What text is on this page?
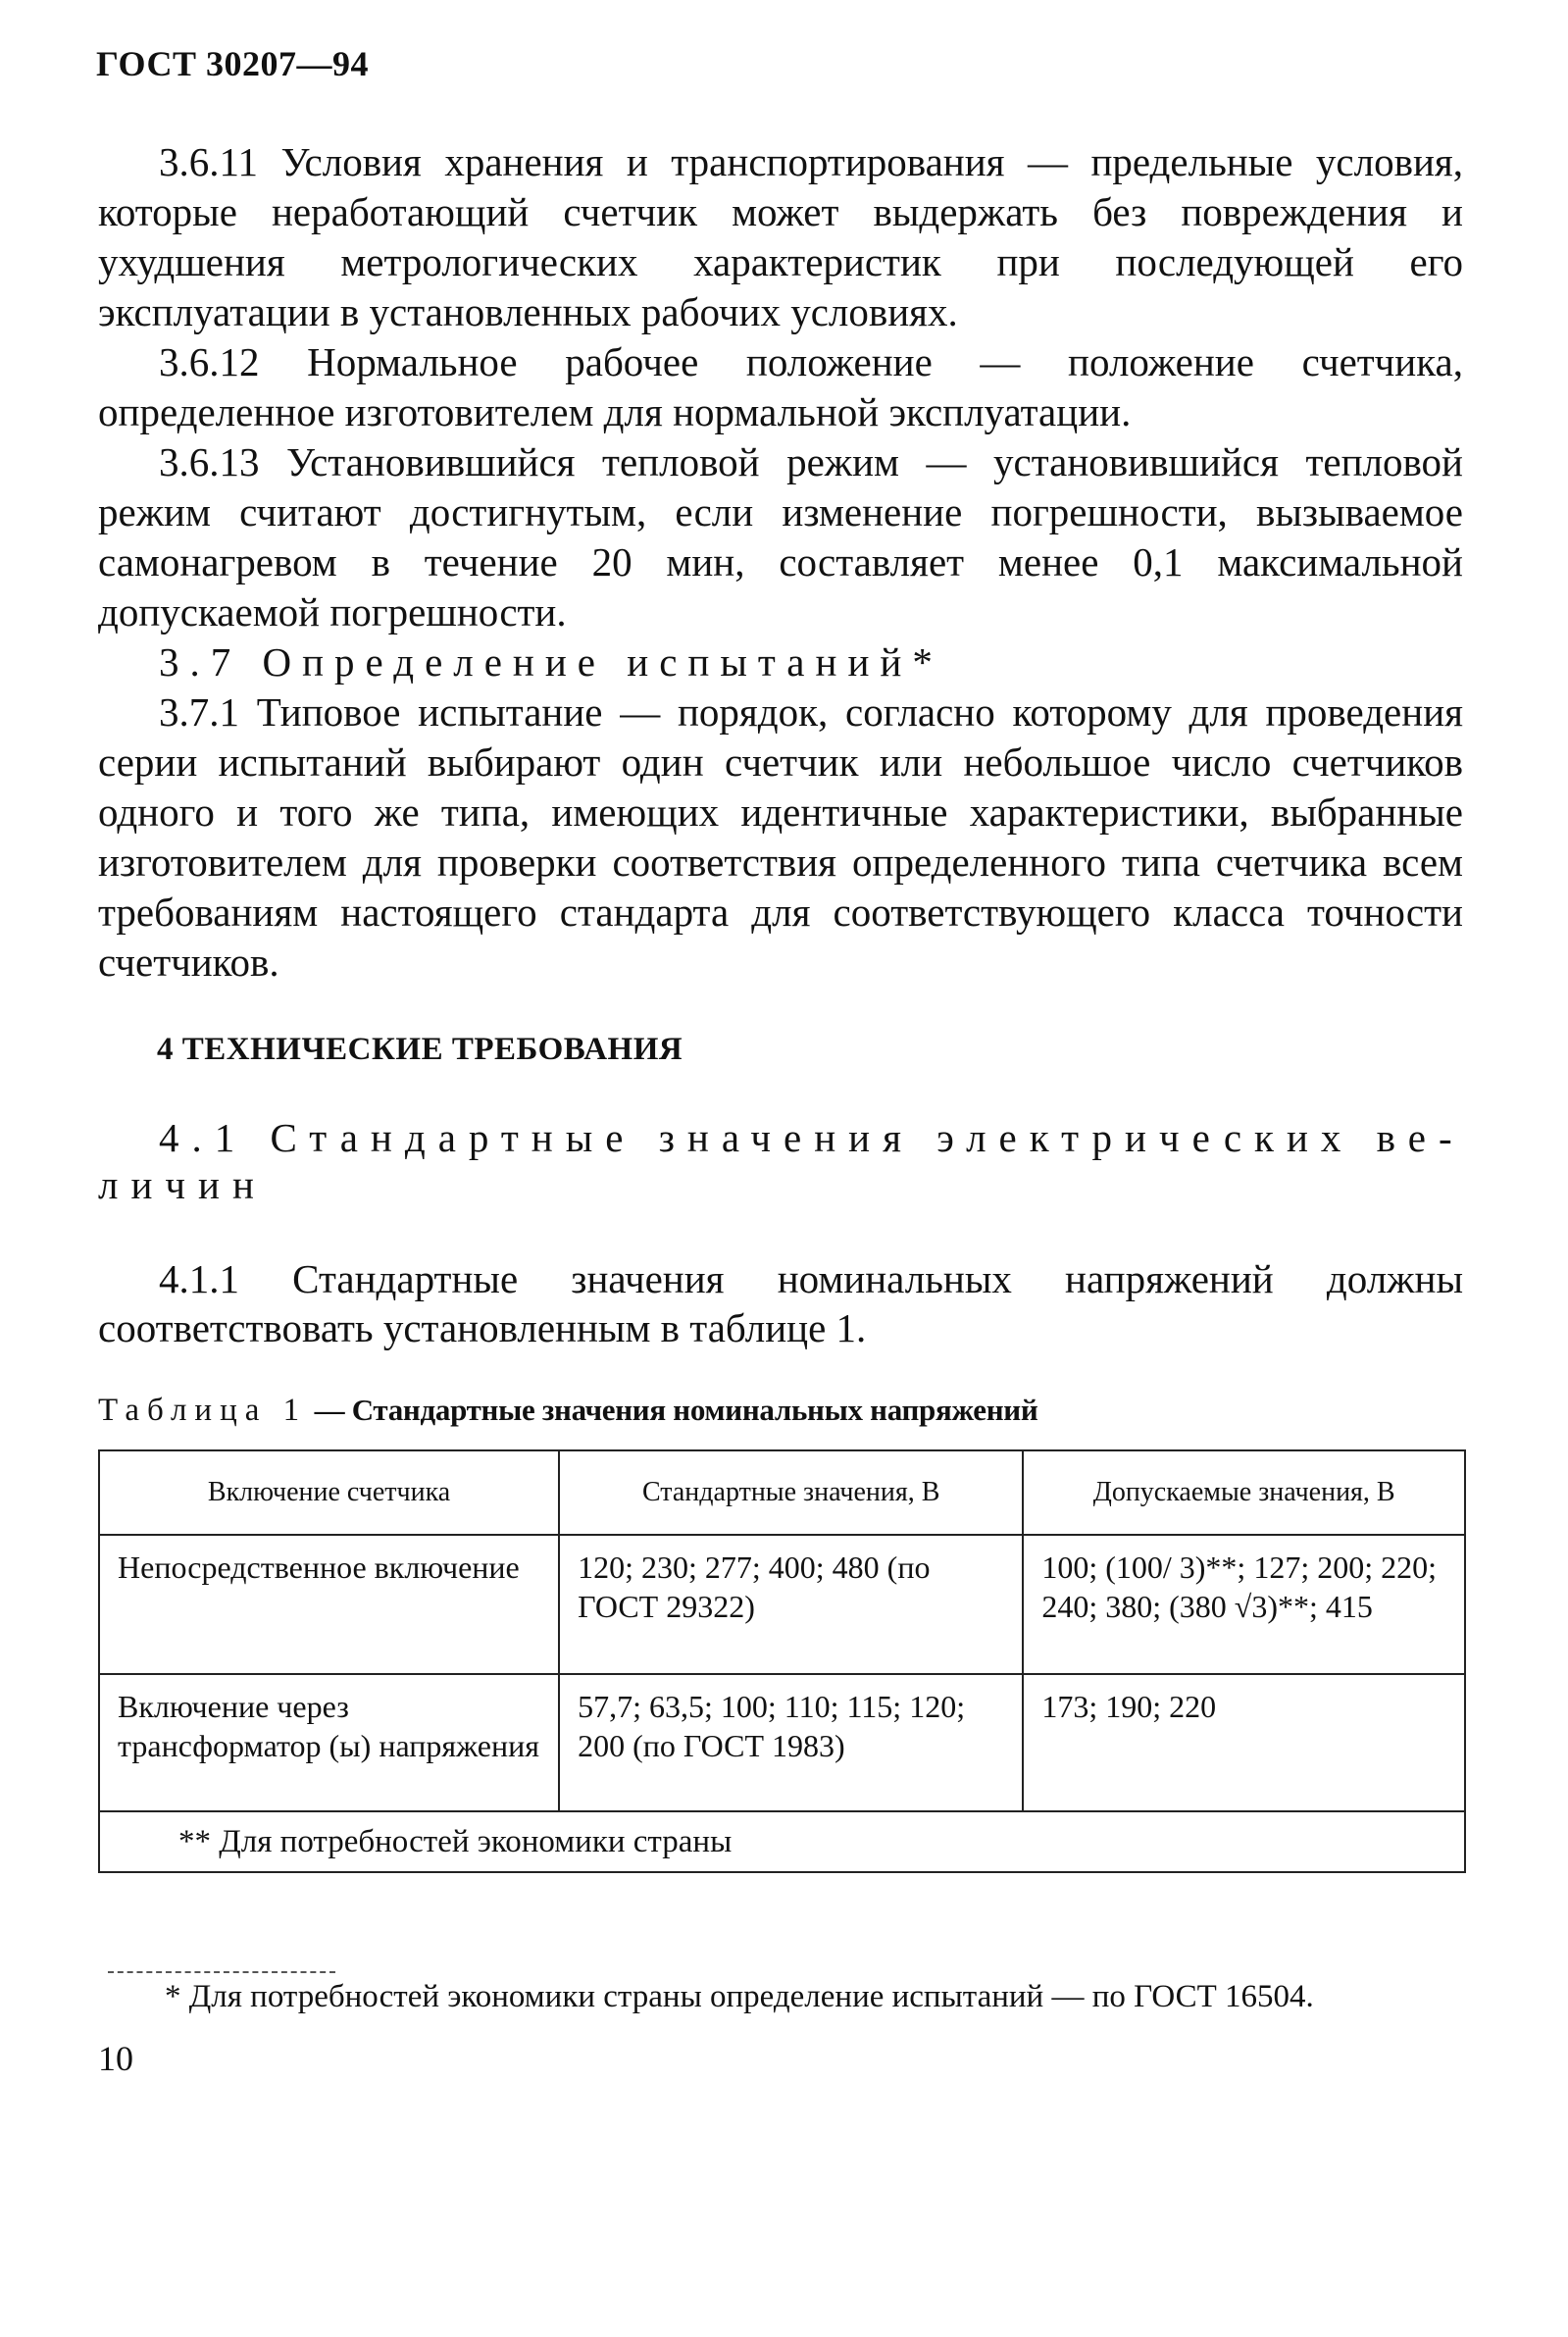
ГОСТ 30207—94

3.6.11 Условия хранения и транспортирования — предельные условия, которые неработающий счетчик может выдержать без повреждения и ухудшения метрологических характеристик при последующей его эксплуатации в установленных рабочих условиях.

3.6.12 Нормальное рабочее положение — положение счетчика, определенное изготовителем для нормальной эксплуатации.

3.6.13 Установившийся тепловой режим — установившийся тепловой режим считают достигнутым, если изменение погрешности, вызываемое самонагревом в течение 20 мин, составляет менее 0,1 максимальной допускаемой погрешности.

3.7 Определение испытаний*

3.7.1 Типовое испытание — порядок, согласно которому для проведения серии испытаний выбирают один счетчик или небольшое число счетчиков одного и того же типа, имеющих идентичные характеристики, выбранные изготовителем для проверки соответствия определенного типа счетчика всем требованиям настоящего стандарта для соответствующего класса точности счетчиков.

4 ТЕХНИЧЕСКИЕ ТРЕБОВАНИЯ
4.1 Стандартные значения электрических ве-
личин

4.1.1 Стандартные значения номинальных напряжений должны соответствовать установленным в таблице 1.

Таблица 1 — Стандартные значения номинальных напряжений
Включение счетчика	Стандартные значения, В	Допускаемые значения, В
Непосредственное включение	120; 230; 277; 400; 480 (по ГОСТ 29322)	100; (100/ 3)**; 127; 200; 220; 240; 380; (380 √3)**; 415
Включение через трансформатор (ы) напряжения	57,7; 63,5; 100; 110; 115; 120; 200 (по ГОСТ 1983)	173; 190; 220

** Для потребностей экономики страны		
* Для потребностей экономики страны определение испытаний — по ГОСТ 16504.
10
